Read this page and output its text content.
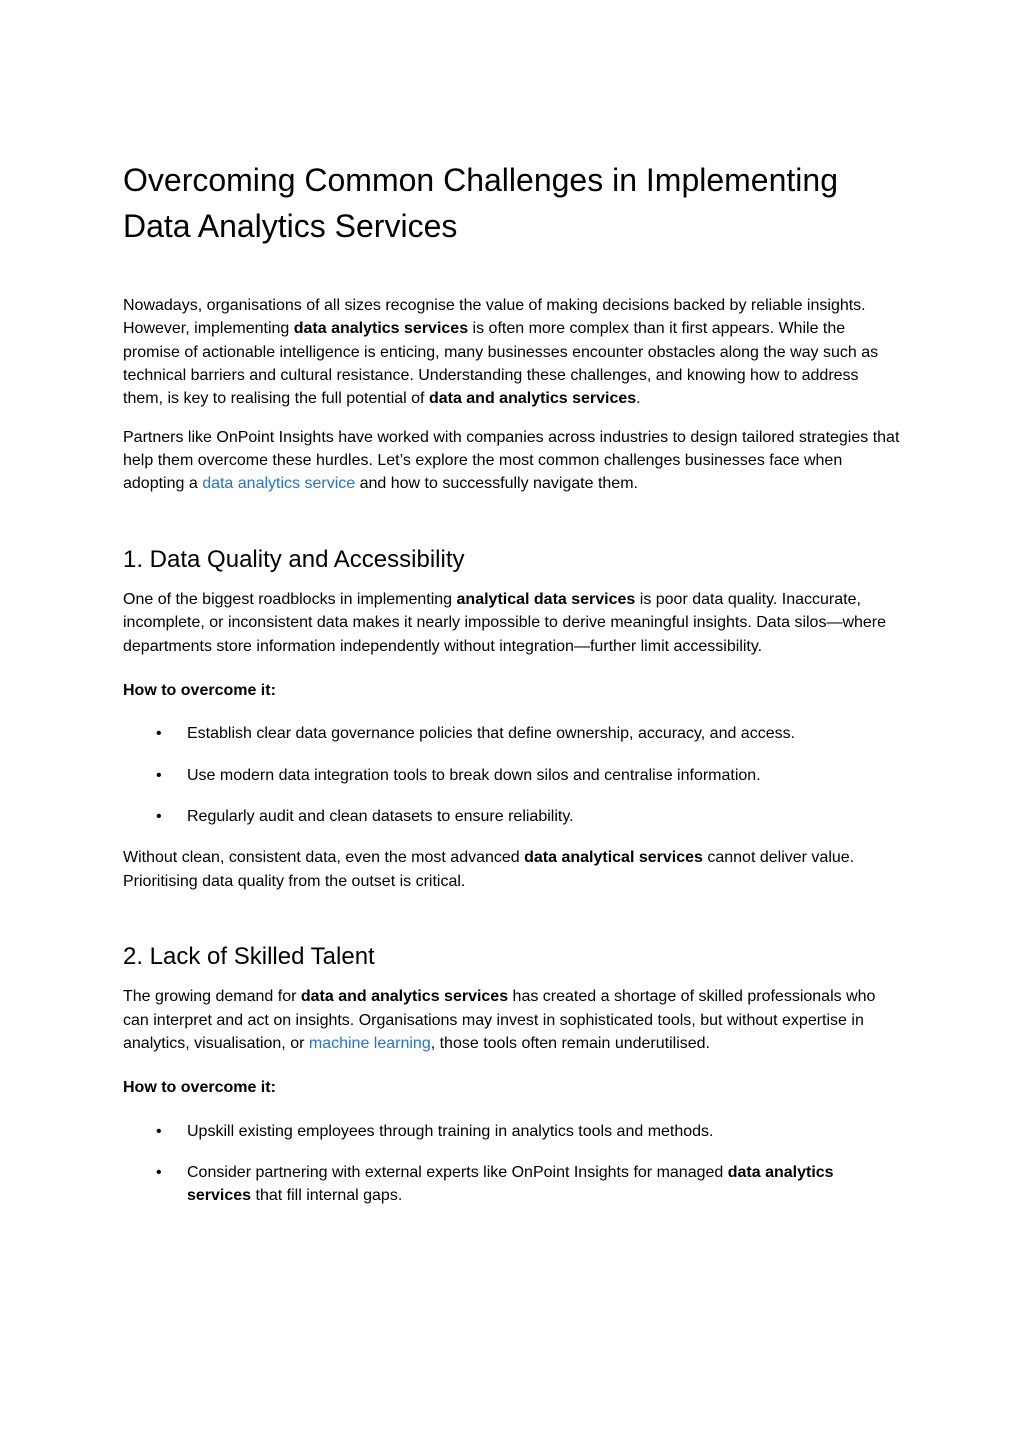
Overcoming Common Challenges in Implementing Data Analytics Services

Nowadays, organisations of all sizes recognise the value of making decisions backed by reliable insights. However, implementing data analytics services is often more complex than it first appears. While the promise of actionable intelligence is enticing, many businesses encounter obstacles along the way such as technical barriers and cultural resistance. Understanding these challenges, and knowing how to address them, is key to realising the full potential of data and analytics services.

Partners like OnPoint Insights have worked with companies across industries to design tailored strategies that help them overcome these hurdles. Let’s explore the most common challenges businesses face when adopting a data analytics service and how to successfully navigate them.

1. Data Quality and Accessibility

One of the biggest roadblocks in implementing analytical data services is poor data quality. Inaccurate, incomplete, or inconsistent data makes it nearly impossible to derive meaningful insights. Data silos—where departments store information independently without integration—further limit accessibility.

How to overcome it:

• Establish clear data governance policies that define ownership, accuracy, and access.
• Use modern data integration tools to break down silos and centralise information.
• Regularly audit and clean datasets to ensure reliability.

Without clean, consistent data, even the most advanced data analytical services cannot deliver value. Prioritising data quality from the outset is critical.

2. Lack of Skilled Talent

The growing demand for data and analytics services has created a shortage of skilled professionals who can interpret and act on insights. Organisations may invest in sophisticated tools, but without expertise in analytics, visualisation, or machine learning, those tools often remain underutilised.

How to overcome it:

• Upskill existing employees through training in analytics tools and methods.
• Consider partnering with external experts like OnPoint Insights for managed data analytics services that fill internal gaps.
